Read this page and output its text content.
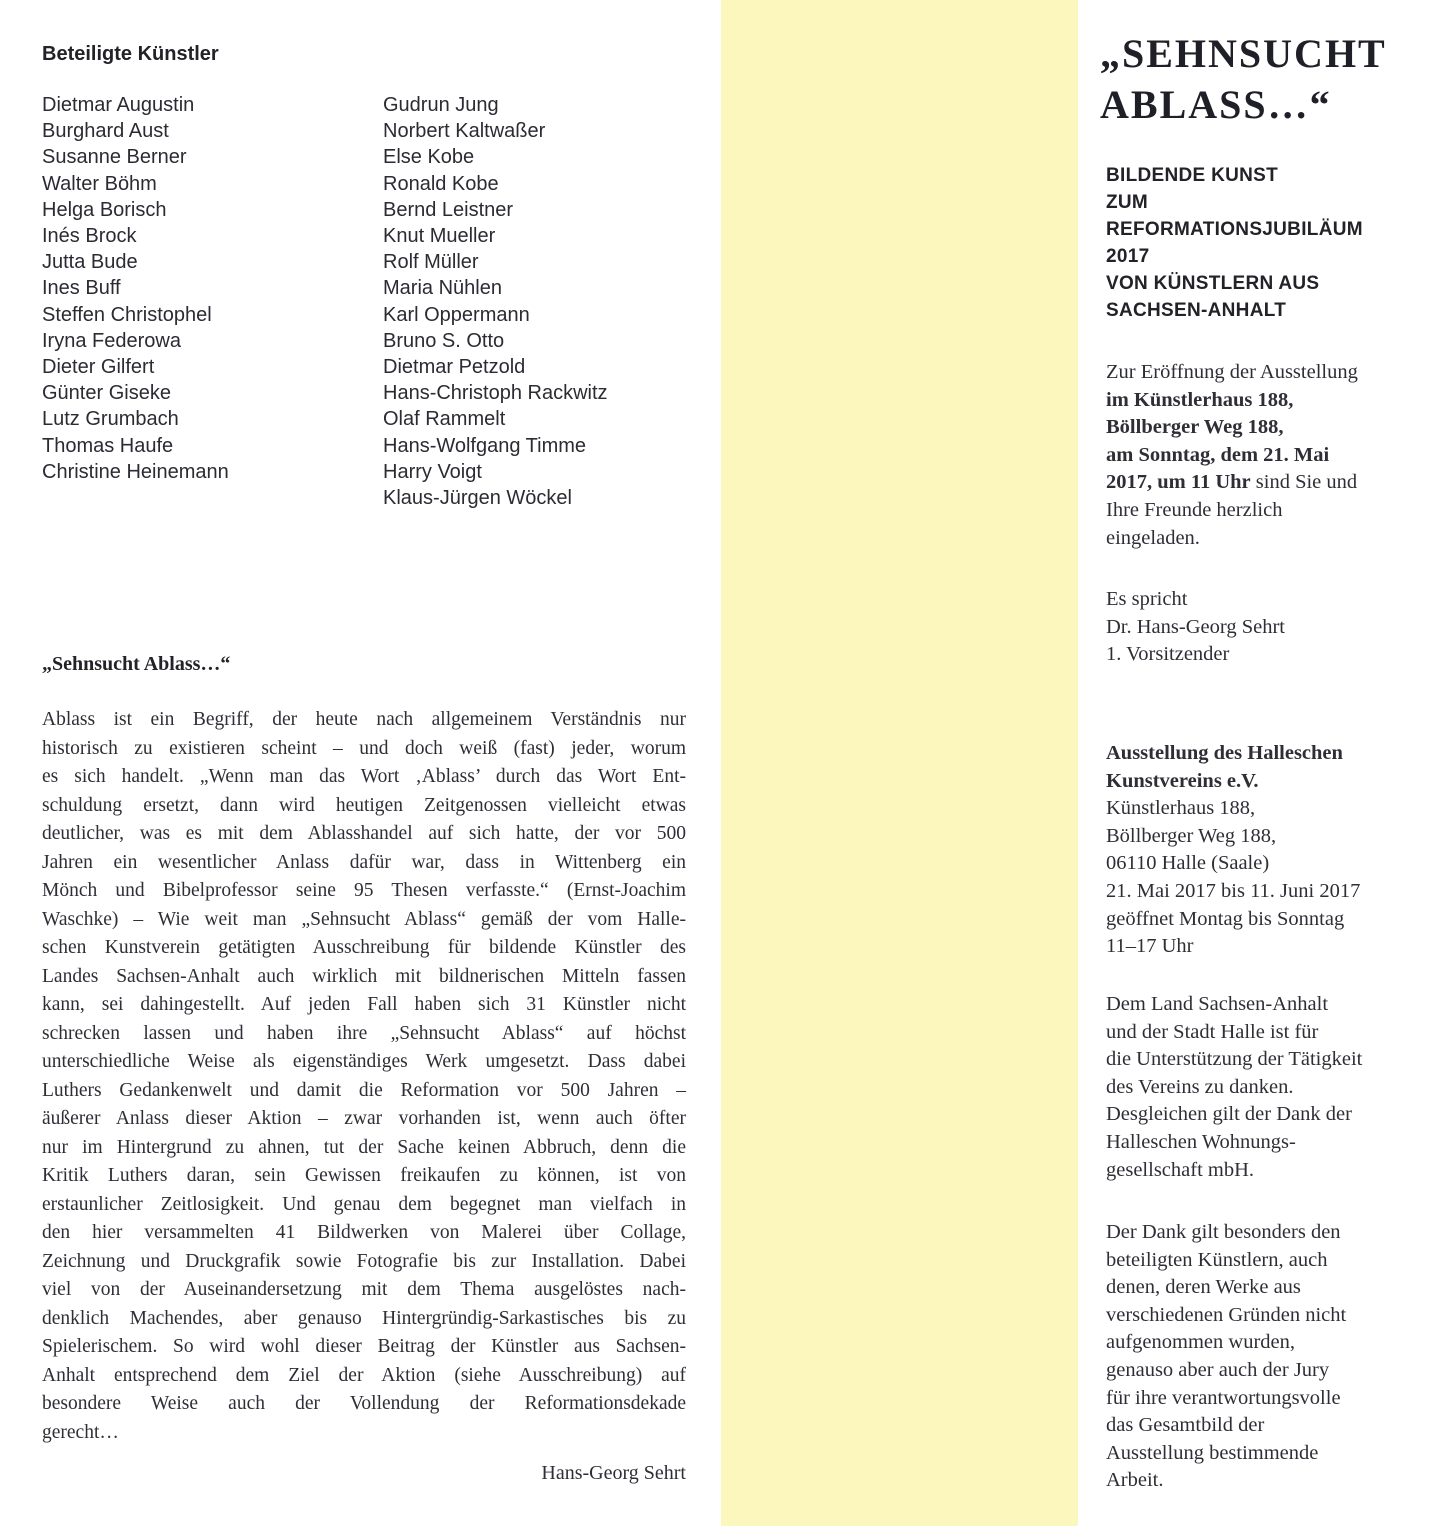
Beteiligte Künstler
Dietmar Augustin
Burghard Aust
Susanne Berner
Walter Böhm
Helga Borisch
Inés Brock
Jutta Bude
Ines Buff
Steffen Christophel
Iryna Federowa
Dieter Gilfert
Günter Giseke
Lutz Grumbach
Thomas Haufe
Christine Heinemann
Gudrun Jung
Norbert Kaltwaßer
Else Kobe
Ronald Kobe
Bernd Leistner
Knut Mueller
Rolf Müller
Maria Nühlen
Karl Oppermann
Bruno S. Otto
Dietmar Petzold
Hans-Christoph Rackwitz
Olaf Rammelt
Hans-Wolfgang Timme
Harry Voigt
Klaus-Jürgen Wöckel
„Sehnsucht Ablass…“
Ablass ist ein Begriff, der heute nach allgemeinem Verständnis nur
historisch zu existieren scheint – und doch weiß (fast) jeder, worum
es sich handelt. „Wenn man das Wort ‚Ablass’ durch das Wort Ent-
schuldung ersetzt, dann wird heutigen Zeitgenossen vielleicht etwas
deutlicher, was es mit dem Ablasshandel auf sich hatte, der vor 500
Jahren ein wesentlicher Anlass dafür war, dass in Wittenberg ein
Mönch und Bibelprofessor seine 95 Thesen verfasste.“ (Ernst-Joachim
Waschke) – Wie weit man „Sehnsucht Ablass“ gemäß der vom Halle-
schen Kunstverein getätigten Ausschreibung für bildende Künstler des
Landes Sachsen-Anhalt auch wirklich mit bildnerischen Mitteln fassen
kann, sei dahingestellt. Auf jeden Fall haben sich 31 Künstler nicht
schrecken lassen und haben ihre „Sehnsucht Ablass“ auf höchst
unterschiedliche Weise als eigenständiges Werk umgesetzt. Dass dabei
Luthers Gedankenwelt und damit die Reformation vor 500 Jahren –
äußerer Anlass dieser Aktion – zwar vorhanden ist, wenn auch öfter
nur im Hintergrund zu ahnen, tut der Sache keinen Abbruch, denn die
Kritik Luthers daran, sein Gewissen freikaufen zu können, ist von
erstaunlicher Zeitlosigkeit. Und genau dem begegnet man vielfach in
den hier versammelten 41 Bildwerken von Malerei über Collage,
Zeichnung und Druckgrafik sowie Fotografie bis zur Installation. Dabei
viel von der Auseinandersetzung mit dem Thema ausgelöstes nach-
denklich Machendes, aber genauso Hintergründig-Sarkastisches bis zu
Spielerischem. So wird wohl dieser Beitrag der Künstler aus Sachsen-
Anhalt entsprechend dem Ziel der Aktion (siehe Ausschreibung) auf
besondere Weise auch der Vollendung der Reformationsdekade
gerecht…
Hans-Georg Sehrt
„SEHNSUCHT
ABLASS…“
BILDENDE KUNST
ZUM
REFORMATIONSJUBILÄUM
2017
VON KÜNSTLERN AUS
SACHSEN-ANHALT
Zur Eröffnung der Ausstellung
im Künstlerhaus 188,
Böllberger Weg 188,
am Sonntag, dem 21. Mai
2017, um 11 Uhr sind Sie und
Ihre Freunde herzlich
eingeladen.
Es spricht
Dr. Hans-Georg Sehrt
1. Vorsitzender
Ausstellung des Halleschen
Kunstvereins e.V.
Künstlerhaus 188,
Böllberger Weg 188,
06110 Halle (Saale)
21. Mai 2017 bis 11. Juni 2017
geöffnet Montag bis Sonntag
11–17 Uhr
Dem Land Sachsen-Anhalt
und der Stadt Halle ist für
die Unterstützung der Tätigkeit
des Vereins zu danken.
Desgleichen gilt der Dank der
Halleschen Wohnungs-
gesellschaft mbH.
Der Dank gilt besonders den
beteiligten Künstlern, auch
denen, deren Werke aus
verschiedenen Gründen nicht
aufgenommen wurden,
genauso aber auch der Jury
für ihre verantwortungsvolle
das Gesamtbild der
Ausstellung bestimmende
Arbeit.
